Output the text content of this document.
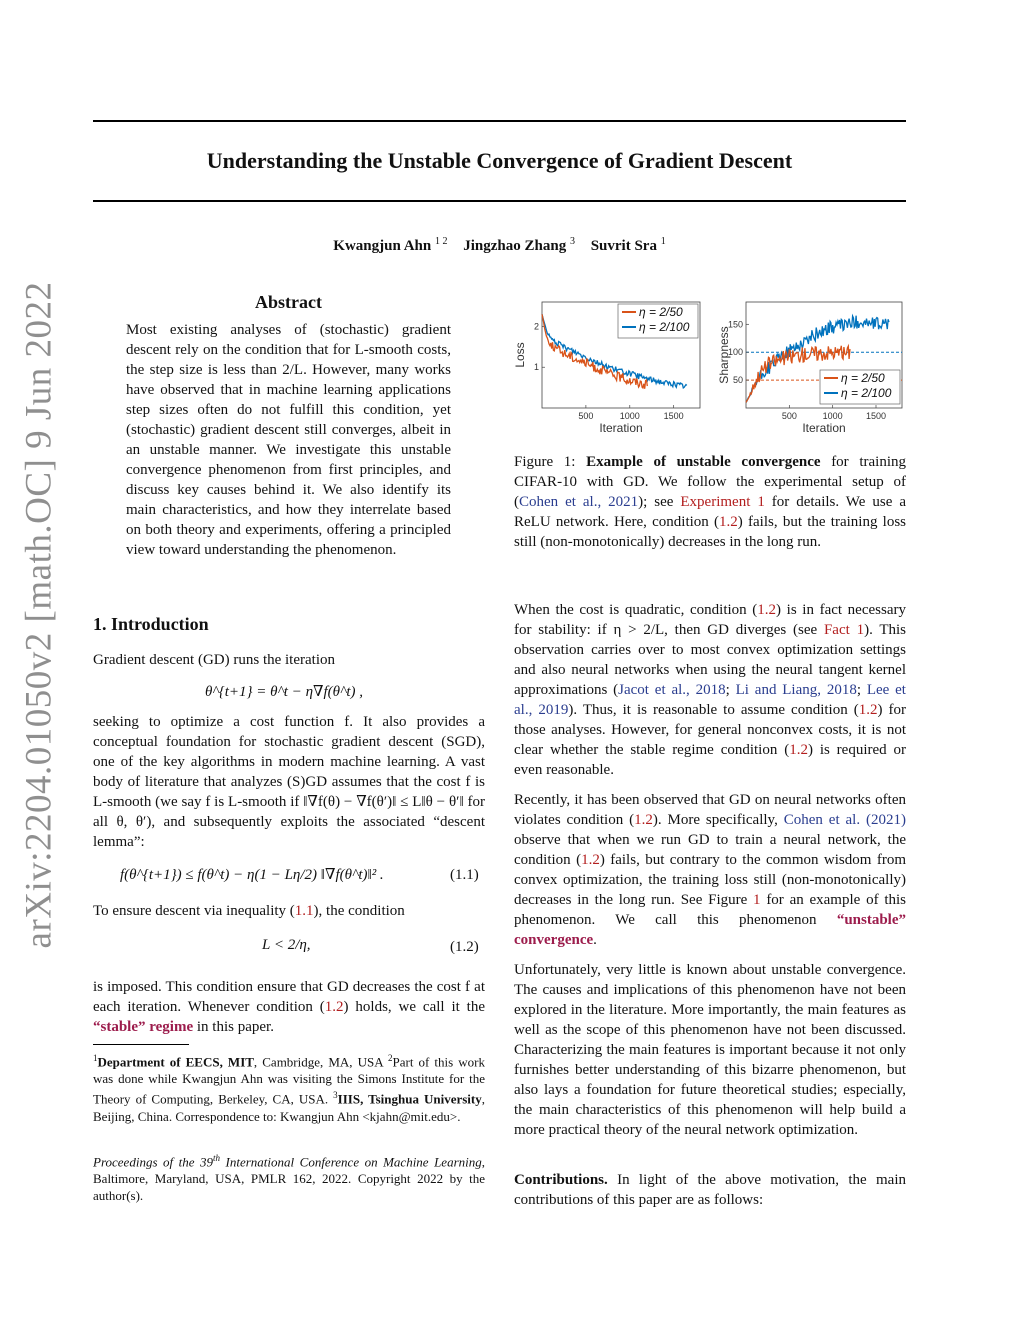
Understanding the Unstable Convergence of Gradient Descent
Kwangjun Ahn $^{1 2}$ Jingzhao Zhang $^3$ Suvrit Sra $^1$
arXiv:2204.01050v2 [math.OC] 9 Jun 2022	Abstract
Most existing analyses of (stochastic) gradient descent rely on the condition that for L-smooth costs, the step size is less than 2/L. However, many works have observed that in machine learning applications step sizes often do not fulfill this condition, yet (stochastic) gradient descent still converges, albeit in an unstable manner. We investigate this unstable convergence phenomenon from first principles, and discuss key causes behind it. We also identify its main characteristics, and how they interrelate based on both theory and experiments, offering a principled view toward understanding the phenomenon.
1. Introduction
Gradient descent (GD) runs the iteration
θ^{t+1} = θ^t − η∇f(θ^t) ,
seeking to optimize a cost function f. It also provides a conceptual foundation for stochastic gradient descent (SGD), one of the key algorithms in modern machine learning. A vast body of literature that analyzes (S)GD assumes that the cost f is L-smooth (we say f is L-smooth if ‖∇f(θ) − ∇f(θ′)‖ ≤ L‖θ − θ′‖ for all θ, θ′), and subsequently exploits the associated “descent lemma”:
f(θ^{t+1}) ≤ f(θ^t) − η(1 − Lη/2) ‖∇f(θ^t)‖² .	(1.1)
To ensure descent via inequality (1.1), the condition
L < 2/η,	(1.2)
is imposed. This condition ensure that GD decreases the cost f at each iteration. Whenever condition (1.2) holds, we call it the “stable” regime in this paper.
$^1$Department of EECS, MIT, Cambridge, MA, USA $^2$Part of this work was done while Kwangjun Ahn was visiting the Simons Institute for the Theory of Computing, Berkeley, CA, USA. $^3$IIIS, Tsinghua University, Beijing, China. Correspondence to: Kwangjun Ahn <kjahn@mit.edu>.
Proceedings of the 39th International Conference on Machine Learning, Baltimore, Maryland, USA, PMLR 162, 2022. Copyright 2022 by the author(s).
500	1000	1500
1
2
Iteration
Loss
η = 2/50
η = 2/100
500	1000	1500
50
100
150
Iteration
Sharpness	η = 2/50
η = 2/100
Figure 1: Example of unstable convergence for training CIFAR-10 with GD. We follow the experimental setup of (Cohen et al., 2021); see Experiment 1 for details. We use a ReLU network. Here, condition (1.2) fails, but the training loss still (non-monotonically) decreases in the long run.
When the cost is quadratic, condition (1.2) is in fact necessary for stability: if η > 2/L, then GD diverges (see Fact 1). This observation carries over to most convex optimization settings and also neural networks when using the neural tangent kernel approximations (Jacot et al., 2018; Li and Liang, 2018; Lee et al., 2019). Thus, it is reasonable to assume condition (1.2) for those analyses. However, for general nonconvex costs, it is not clear whether the stable regime condition (1.2) is required or even reasonable.
Recently, it has been observed that GD on neural networks often violates condition (1.2). More specifically, Cohen et al. (2021) observe that when we run GD to train a neural network, the condition (1.2) fails, but contrary to the common wisdom from convex optimization, the training loss still (non-monotonically) decreases in the long run. See Figure 1 for an example of this phenomenon. We call this phenomenon “unstable” convergence.
Unfortunately, very little is known about unstable convergence. The causes and implications of this phenomenon have not been explored in the literature. More importantly, the main features as well as the scope of this phenomenon have not been discussed. Characterizing the main features is important because it not only furnishes better understanding of this bizarre phenomenon, but also lays a foundation for future theoretical studies; especially, the main characteristics of this phenomenon will help build a more practical theory of the neural network optimization.
Contributions. In light of the above motivation, the main contributions of this paper are as follows:
